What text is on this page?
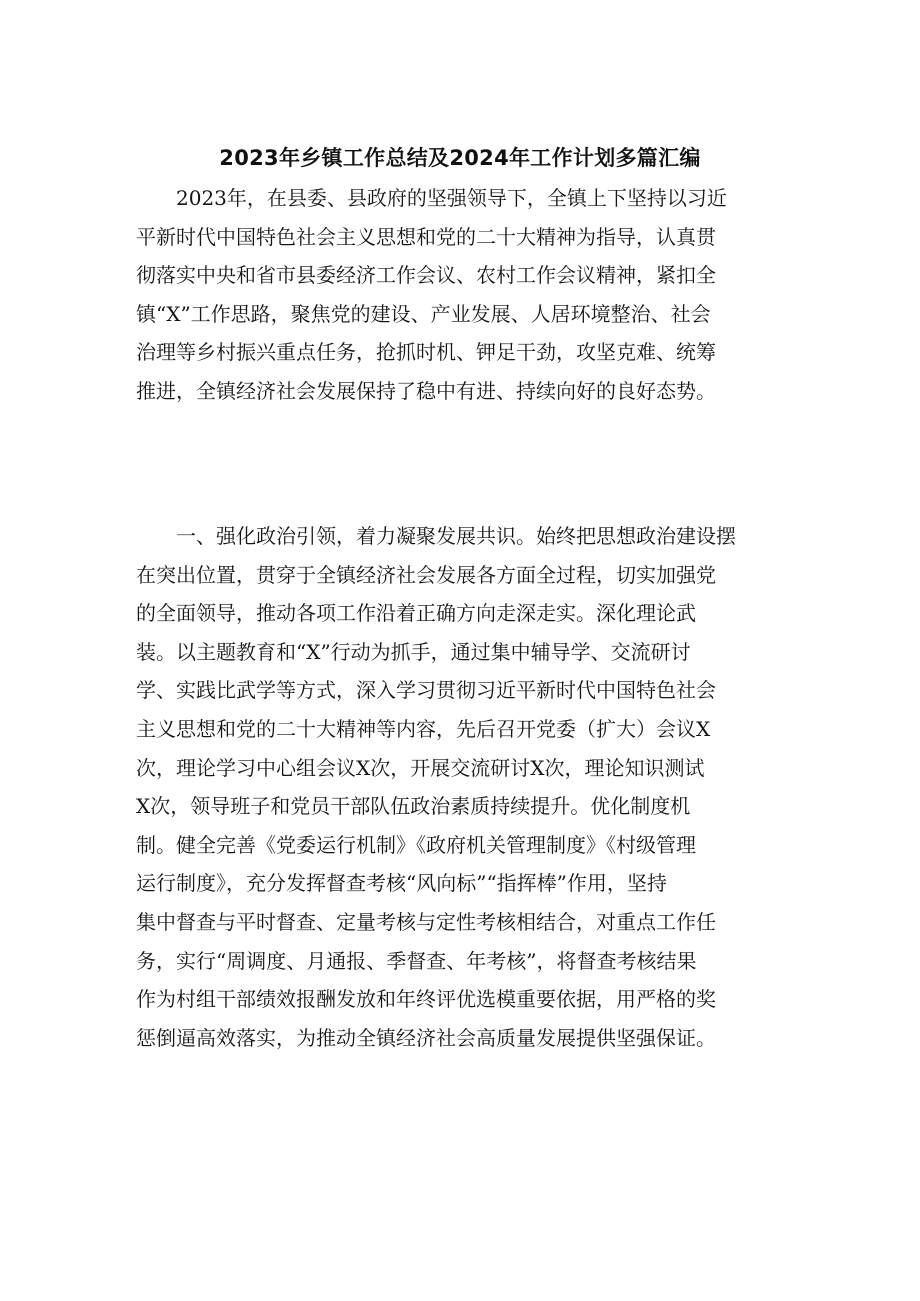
2023年乡镇工作总结及2024年工作计划多篇汇编
　　2023年，在县委、县政府的坚强领导下，全镇上下坚持以习近
平新时代中国特色社会主义思想和党的二十大精神为指导，认真贯
彻落实中央和省市县委经济工作会议、农村工作会议精神，紧扣全
镇“X”工作思路，聚焦党的建设、产业发展、人居环境整治、社会
治理等乡村振兴重点任务，抢抓时机、钾足干劲，攻坚克难、统筹
推进，全镇经济社会发展保持了稳中有进、持续向好的良好态势。
　　一、强化政治引领，着力凝聚发展共识。始终把思想政治建设摆
在突出位置，贯穿于全镇经济社会发展各方面全过程，切实加强党
的全面领导，推动各项工作沿着正确方向走深走实。深化理论武
装。以主题教育和“X”行动为抓手，通过集中辅导学、交流研讨
学、实践比武学等方式，深入学习贯彻习近平新时代中国特色社会
主义思想和党的二十大精神等内容，先后召开党委（扩大）会议X
次，理论学习中心组会议X次，开展交流研讨X次，理论知识测试
X次，领导班子和党员干部队伍政治素质持续提升。优化制度机
制。健全完善《党委运行机制》《政府机关管理制度》《村级管理
运行制度》，充分发挥督查考核“风向标”“指挥棒”作用，坚持
集中督查与平时督查、定量考核与定性考核相结合，对重点工作任
务，实行“周调度、月通报、季督查、年考核”，将督查考核结果
作为村组干部绩效报酬发放和年终评优选模重要依据，用严格的奖
惩倒逼高效落实，为推动全镇经济社会高质量发展提供坚强保证。
